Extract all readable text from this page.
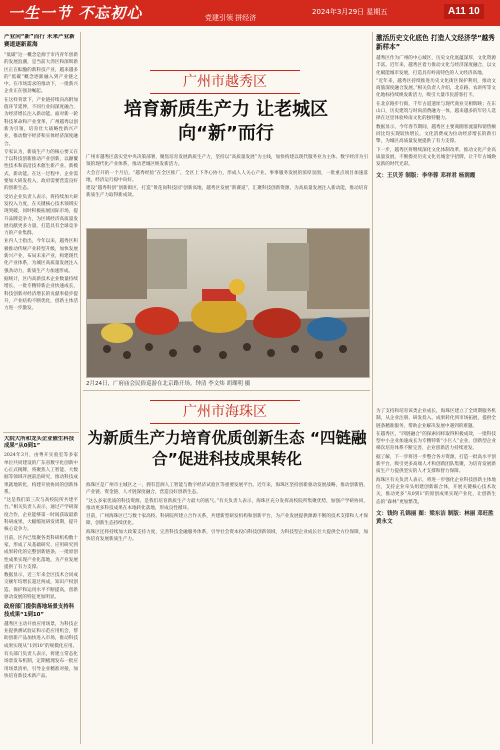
一生一节 不忘初心	党建引领 拼经济
2024年3月29日 星期五	A11 10
产业向“新”而行 未来产业新赛道逐新蓝海

“低碳”这一概念是源于市内青年创新的发展浪潮，是当前大湾区和深圳新区正在酝酿的新科技产业，越来越多的“低碳”概念逐渐融入到产业链之中。在市场需求的推动下，一批新兴企业正在强劲崛起。

在这样背景下，产业链持续向高附加值环节延伸，不同行业间深度融合，为经济增长注入新动能。面对新一轮科技革命和产业变革，广州越秀以创新为引领，培育壮大战略性新兴产业，推动数字经济和实体经济深度融合。

专家认为，新质生产力的核心要义在于以科技创新推动产业创新，以颠覆性技术和前沿技术催生新产业、新模式、新动能。在这一过程中，企业需要加大研发投入，政府需要营造良好的创新生态。

受访企业负责人表示，将持续加大研发投入力度，在关键核心技术领域实现突破，同时积极拓展国际市场，提升品牌竞争力，为区域经济高质量发展贡献更多力量，打造具有全球竞争力的产业集群。

业内人士指出，今年以来，越秀区积极推动传统产业转型升级，加快发展新兴产业，布局未来产业，构建现代化产业体系，为城区高质量发展注入强劲动力，新质生产力加速形成。

据统计，区内高新技术企业数量持续增长，一批专精特新企业快速成长，科技创新对经济增长的贡献率稳步提升，产业结构不断优化，创新主体活力进一步激发。

大院大所和龙头企业催生科技成果“从0到1”

2024年3月，由粤开实验室等多家单位共同建设的广东省数字化创新中心正式揭牌，将聚焦人工智能、大数据等领域开展前沿研究，推动科技成果就地转化，构建开放协同的创新体系。

“这是我们第三次与高校院所共建平台。”相关负责人表示，通过产学研深度合作，企业能够第一时间获取最新科研成果，大幅缩短研发周期，提升核心竞争力。

目前，区内已集聚各类科研机构数十家，形成了从基础研究、应用研究到成果转化的完整创新链条，一批原创性成果实现产业化落地，为产业发展提供了有力支撑。

数据显示，近三年来全区技术合同成交额年均增长超过两成，知识产权创造、保护和运用水平不断提高，创新驱动发展的特征更加明显。

政府部门提供落地场景支持科技成果“1到10”

越秀区主动开放应用场景，为科技企业提供测试验证和示范应用机会，帮助创新产品加快进入市场，推动科技成果实现从“1到10”的规模化应用。

有关部门负责人表示，将建立常态化场景发布机制，定期梳理发布一批应用场景清单，引导企业精准对接，加快培育新技术新产品。

广州市越秀区

培育新质生产力 让老城区向“新”而行

广州市越秀区落实党中央决策部署，聚焦培育发展新质生产力，坚持以“高质量发展”为主线，加快构建以现代服务业为主体、数字经济为引领的现代化产业体系，推动老城区焕发新活力。

大会召开的一个月后，“越秀经验”在全区推广，全区上下齐心协力，形成人人关心产业、事事服务发展的浓厚氛围，一批重点项目加速落地，经济运行稳中向好。

建设“越秀科创”创新街区，打造“黄花岗科技园”创新高地，越秀区发展“新赛道”，汇聚科技创新资源，为高质量发展注入新动能，推动培育新质生产力取得新成效。

2月24日，广府庙会民俗巡游在北京路开场。钟清 李文炜 胡瑚明 摄

广州市海珠区

为新质生产力培育优质创新生态 “四链融合”促进科技成果转化

海珠区是广州市主城区之一，拥有琶洲人工智能与数字经济试验区等重要发展平台。近年来，海珠区坚持创新驱动发展战略，推动创新链、产业链、资金链、人才链深度融合，营造良好创新生态。

“这么多家优质的科技资源，是我们培育新质生产力最大的底气。”有关负责人表示，海珠区充分发挥高校院所集聚优势，加强产学研协同，推动更多科技成果在本地转化落地，形成良性循环。

目前，广州海珠区已与数十家高校、科研院所建立合作关系，共建新型研发机构和创新平台，为产业发展提供源源不断的技术支撑和人才保障，创新生态持续优化。

海珠区还将持续加大政策支持力度，完善科技金融服务体系，引导社会资本投向科技创新领域，为科技型企业成长壮大提供全方位保障，加快培育发展新质生产力。

激活历史文化底色 打造人文经济学“越秀新样本”

越秀区作为广州的中心城区，历史文化底蕴深厚，文化资源丰富。近年来，越秀区着力推动文化与经济深度融合，以文化赋能城市发展，打造具有岭南特色的人文经济高地。

“近年来，越秀区持续推进历史文化街区保护利用，推动文商旅深度融合发展。”相关负责人介绍，北京路、农讲所等文化地标持续焕发新活力，吸引大量市民游客打卡。

在北京路步行街，千年古道遗址与现代商业交相辉映；在东山口，历史建筑与时尚消费融为一体，越来越多的年轻人选择在这里体验岭南文化的独特魅力。

数据显示，今年春节期间，越秀区主要商圈客流量和销售额同比均实现较快增长，文化消费成为拉动经济增长的新引擎，为城区高质量发展提供了有力支撑。

下一步，越秀区将继续深化文化体制改革，推动文化产业高质量发展，不断擦亮历史文化名城金字招牌，让千年古城焕发新的时代光彩。

文：王贝芳 制版：李华蓉 邓祥君 杨润霞

为了支持和培育该类企业成长，海珠区建立了全周期服务机制，从企业注册、研发投入、成果转化到市场拓展，提供全链条精准服务，帮助企业解决发展中遇到的难题。

在越秀区，“四链融合”的探索同样取得积极成效，一批科技型中小企业加速成长为专精特新“小巨人”企业，创新型企业梯次培育体系不断完善，企业创新活力持续迸发。

据了解，下一步将进一步整合各方资源，打造一批高水平创新平台，吸引更多高端人才和创新团队集聚，为培育发展新质生产力提供坚实的人才支撑和智力保障。

海珠区有关负责人表示，将进一步强化企业科技创新主体地位，支持企业牵头组建创新联合体，开展关键核心技术攻关，推动更多“从0到1”的原创成果实现产业化，让创新生态的“森林”更加繁茂。

文：钱钧 孔锦丽 图：梁东洁 制版：林丽 邓旺胜 黄永文
